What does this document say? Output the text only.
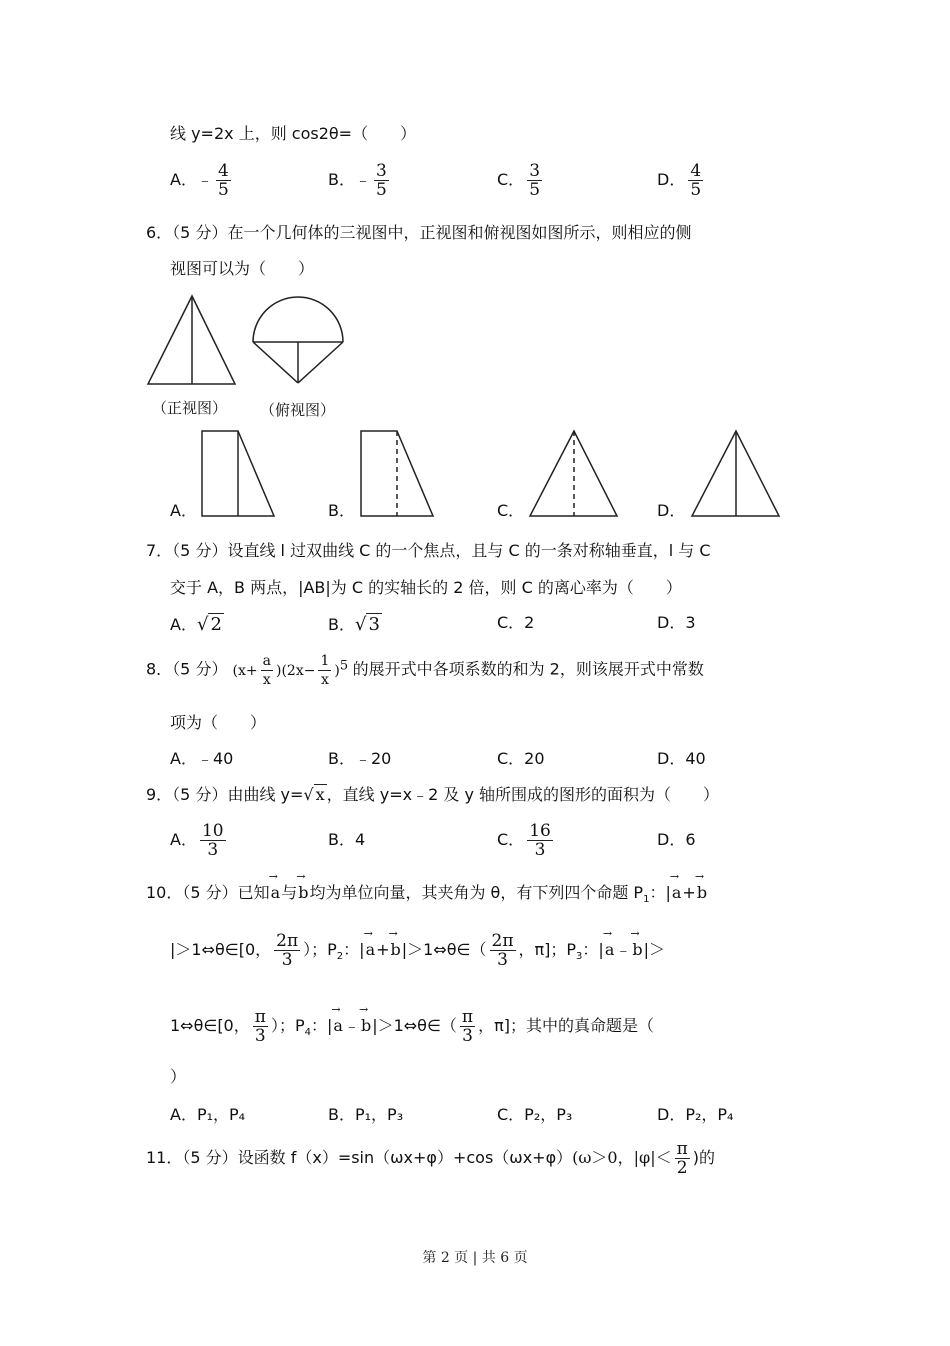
线 y=2x 上，则 cos2θ=（　　）
A．﹣ $\frac{4}{5}$	B．﹣ $\frac{3}{5}$	C． $\frac{3}{5}$	D． $\frac{4}{5}$
6．（5 分）在一个几何体的三视图中，正视图和俯视图如图所示，则相应的侧
视图可以为（　　）
（正视图） （俯视图）
A．	B．	C．	D．
7．（5 分）设直线 l 过双曲线 C 的一个焦点，且与 C 的一条对称轴垂直，l 与 C
交于 A，B 两点，|AB|为 C 的实轴长的 2 倍，则 C 的离心率为（　　）
A．√ 2	B．√ 3	C．2	D．3
8．（5 分） $(x+ \frac{a}{x} )(2x- \frac{1}{x} )^5$ 的展开式中各项系数的和为 2，则该展开式中常数
项为（　　）
A．﹣40	B．﹣20	C．20	D．40
9．（5 分）由曲线 y=√ x ，直线 y=x﹣2 及 y 轴所围成的图形的面积为（　　）
A． $\frac{10}{3}$	B．4	C． $\frac{16}{3}$	D．6
10．（5 分）已知→ a与→ b均为单位向量，其夹角为 θ，有下列四个命题 $P_1$：|→ a+→ b
|＞1⇔θ∈[0， $\frac{2\pi}{3}$ ）；$P_2$：|→ a+→ b|＞1⇔θ∈（ $\frac{2\pi}{3}$ ，π]；$P_3$：|→ a﹣→ b|＞
1⇔θ∈[0， $\frac{\pi}{3}$ ）；$P_4$：|→ a﹣→ b|＞1⇔θ∈（ $\frac{\pi}{3}$ ，π]；其中的真命题是（
）
A．P₁，P₄	B．P₁，P₃	C．P₂，P₃	D．P₂，P₄
11．（5 分）设函数 f（x）=sin（ωx+φ）+cos（ωx+φ）(ω＞0，$|\varphi|< \frac{\pi}{2}$ )的
第 2 页 | 共 6 页
